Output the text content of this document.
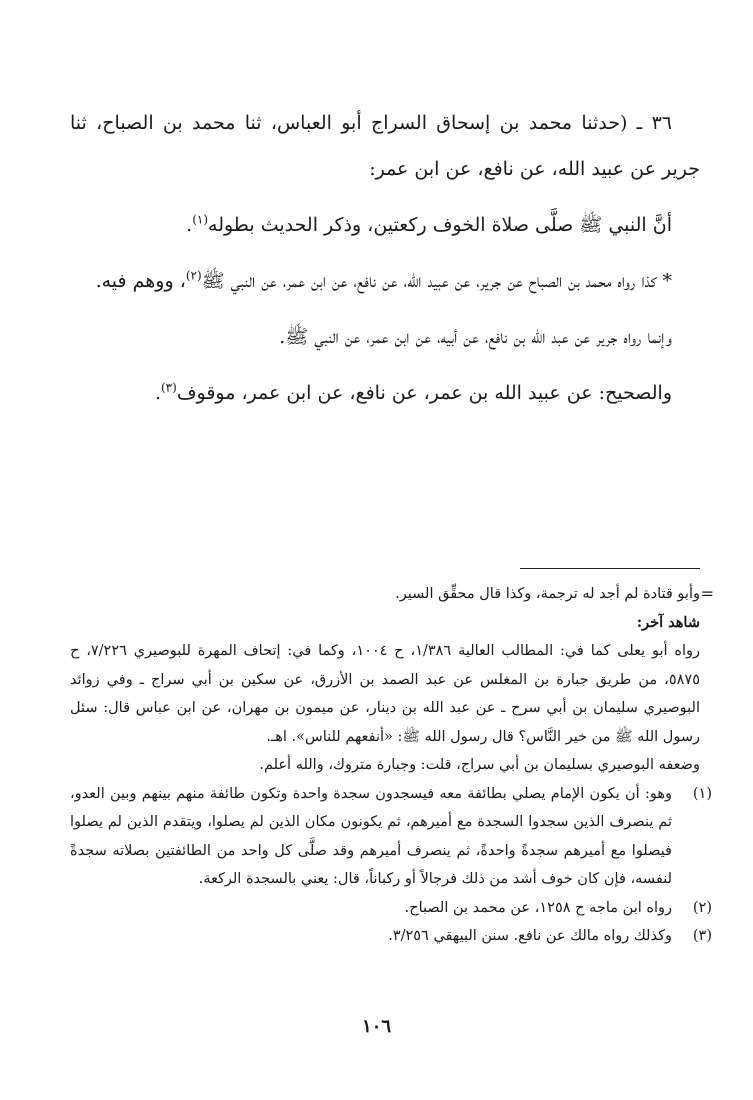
٣٦ ـ (حدثنا محمد بن إسحاق السراج أبو العباس، ثنا محمد بن الصباح، ثنا جرير عن عبيد الله، عن نافع، عن ابن عمر:

أنَّ النبي ﷺ صلَّى صلاة الخوف ركعتين، وذكر الحديث بطوله$^{(١)}$.

* كذا رواه محمد بن الصباح عن جرير، عن عبيد الله، عن نافع، عن ابن عمر، عن النبي ﷺ$^{(٢)}$، ووهم فيه.

وإنما رواه جرير عن عبد الله بن نافع، عن أبيه، عن ابن عمر، عن النبي ﷺ.

والصحيح: عن عبيد الله بن عمر، عن نافع، عن ابن عمر، موقوف$^{(٣)}$.

=

وأبو قتادة لم أجد له ترجمة، وكذا قال محقِّق السير.

شاهد آخر:

رواه أبو يعلى كما في: المطالب العالية ١/٣٨٦، ح ١٠٠٤، وكما في: إتحاف المهرة للبوصيري ٧/٢٢٦، ح ٥٨٧٥، من طريق جبارة بن المغلس عن عبد الصمد بن الأزرق، عن سكين بن أبي سراج ـ وفي زوائد البوصيري سليمان بن أبي سرح ـ عن عبد الله بن دينار، عن ميمون بن مهران، عن ابن عباس قال: سئل رسول الله ﷺ من خير النَّاس؟ قال رسول الله ﷺ: «أنفعهم للناس». اهـ.

وضعفه البوصيري بسليمان بن أبي سراج، قلت: وجبارة متروك، والله أعلم.

(١)

وهو: أن يكون الإمام يصلي بطائفة معه فيسجدون سجدة واحدة وتكون طائفة منهم بينهم وبين العدو، ثم ينصرف الذين سجدوا السجدة مع أميرهم، ثم يكونون مكان الذين لم يصلوا، ويتقدم الذين لم يصلوا فيصلوا مع أميرهم سجدةً واحدةً، ثم ينصرف أميرهم وقد صلَّى كل واحد من الطائفتين بصلاته سجدةً لنفسه، فإن كان خوف أشد من ذلك فرجالاً أو ركباناً، قال: يعني بالسجدة الركعة.

(٢)

رواه ابن ماجه ح ١٢٥٨، عن محمد بن الصباح.

(٣)

وكذلك رواه مالك عن نافع. سنن البيهقي ٣/٢٥٦.

١٠٦
